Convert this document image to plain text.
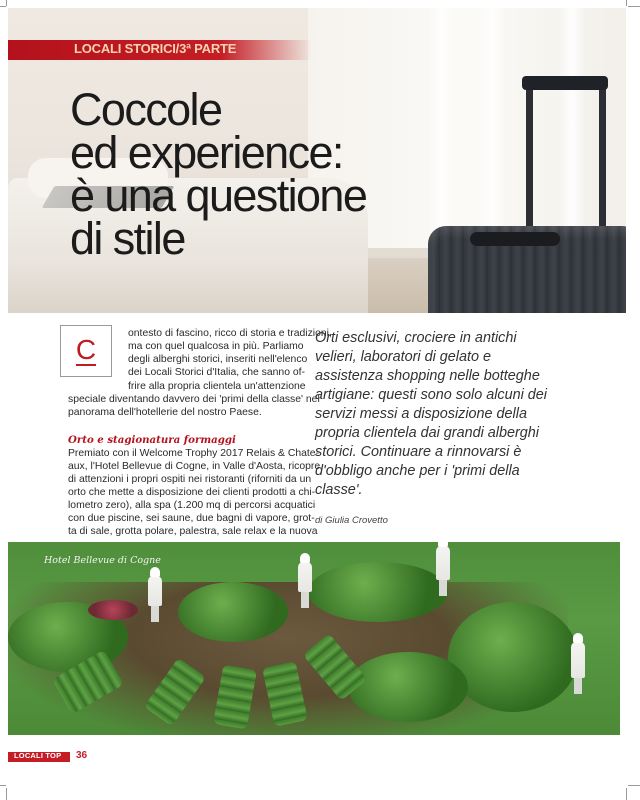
LOCALI STORICI/3ª PARTE
Coccole
ed experience:
è una questione
di stile
C	ontesto di fascino, ricco di storia e tradizioni,
ma con quel qualcosa in più. Parliamo
degli alberghi storici, inseriti nell'elenco
dei Locali Storici d'Italia, che sanno of-

frire alla propria clientela un'attenzione
speciale diventando davvero dei 'primi della classe' nel
panorama dell'hotellerie del nostro Paese.

Orto e stagionatura formaggi

Premiato con il Welcome Trophy 2017 Relais & Chate-
aux, l'Hotel Bellevue di Cogne, in Valle d'Aosta, ricopre
di attenzioni i propri ospiti nei ristoranti (riforniti da un
orto che mette a disposizione dei clienti prodotti a chi-
lometro zero), alla spa (1.200 mq di percorsi acquatici
con due piscine, sei saune, due bagni di vapore, grot-
ta di sale, grotta polare, palestra, sale relax e la nuova

Orti esclusivi, crociere in antichi
velieri, laboratori di gelato e
assistenza shopping nelle botteghe
artigiane: questi sono solo alcuni dei
servizi messi a disposizione della
propria clientela dai grandi alberghi
storici. Continuare a rinnovarsi è
d'obbligo anche per i 'primi della
classe'.

di Giulia Crovetto
Hotel Bellevue di Cogne
LOCALI TOP 36
